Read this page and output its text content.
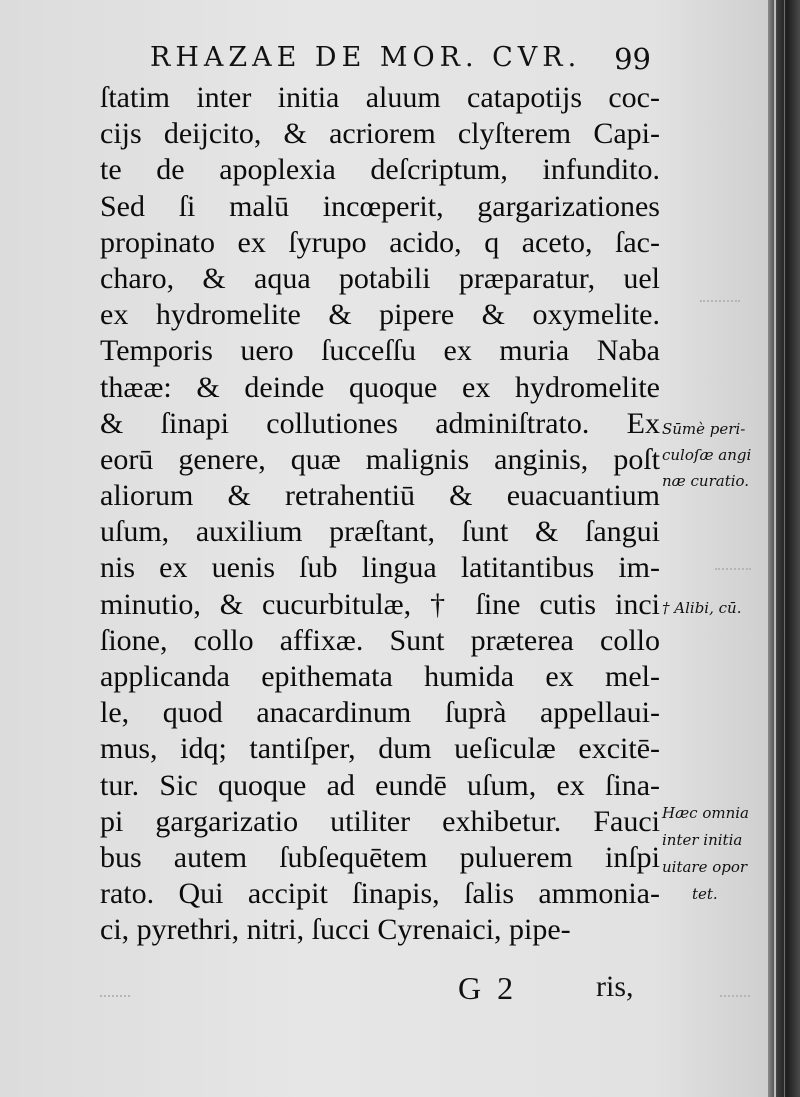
RHAZAE DE MOR. CVR. 99
ſtatim inter initia aluum catapotijs coc-
cijs deijcito, & acriorem clyſterem Capi-
te de apoplexia deſcriptum, infundito.
Sed ſi malū incœperit, gargarizationes
propinato ex ſyrupo acido, q aceto, ſac-
charo, & aqua potabili præparatur, uel
ex hydromelite & pipere & oxymelite.
Temporis uero ſucceſſu ex muria Naba
thææ: & deinde quoque ex hydromelite
& ſinapi collutiones adminiſtrato. Ex
eorū genere, quæ malignis anginis, poſt
aliorum & retrahentiū & euacuantium
uſum, auxilium præſtant, ſunt & ſangui
nis ex uenis ſub lingua latitantibus im-
minutio, & cucurbitulæ, † ſine cutis inci
ſione, collo affixæ. Sunt præterea collo
applicanda epithemata humida ex mel-
le, quod anacardinum ſuprà appellaui-
mus, idq; tantiſper, dum ueſiculæ excitē-
tur. Sic quoque ad eundē uſum, ex ſina-
pi gargarizatio utiliter exhibetur. Fauci
bus autem ſubſequētem puluerem inſpi
rato. Qui accipit ſinapis, ſalis ammonia-
ci, pyrethri, nitri, ſucci Cyrenaici, pipe-
Sūmè peri-
culoſæ angi
næ curatio.
† Alibi, cū.
Hæc omnia
inter initia
uitare opor
tet.
G 2	ris,
